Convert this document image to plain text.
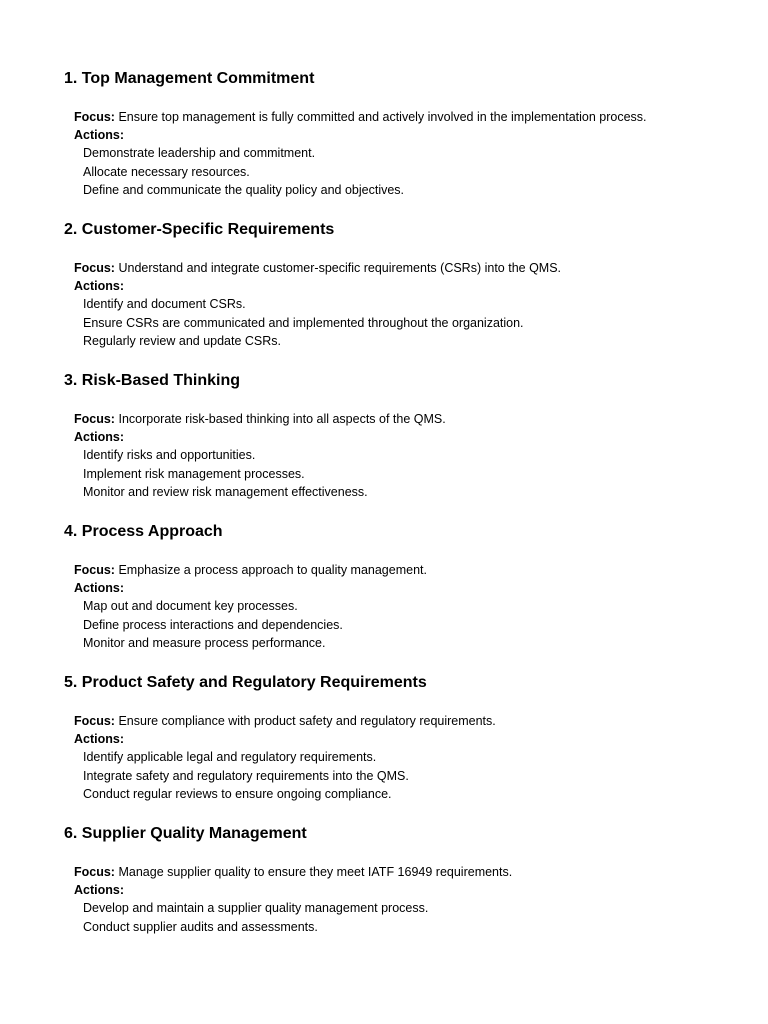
1. Top Management Commitment
Focus: Ensure top management is fully committed and actively involved in the implementation process.
Actions:
Demonstrate leadership and commitment.
Allocate necessary resources.
Define and communicate the quality policy and objectives.
2. Customer-Specific Requirements
Focus: Understand and integrate customer-specific requirements (CSRs) into the QMS.
Actions:
Identify and document CSRs.
Ensure CSRs are communicated and implemented throughout the organization.
Regularly review and update CSRs.
3. Risk-Based Thinking
Focus: Incorporate risk-based thinking into all aspects of the QMS.
Actions:
Identify risks and opportunities.
Implement risk management processes.
Monitor and review risk management effectiveness.
4. Process Approach
Focus: Emphasize a process approach to quality management.
Actions:
Map out and document key processes.
Define process interactions and dependencies.
Monitor and measure process performance.
5. Product Safety and Regulatory Requirements
Focus: Ensure compliance with product safety and regulatory requirements.
Actions:
Identify applicable legal and regulatory requirements.
Integrate safety and regulatory requirements into the QMS.
Conduct regular reviews to ensure ongoing compliance.
6. Supplier Quality Management
Focus: Manage supplier quality to ensure they meet IATF 16949 requirements.
Actions:
Develop and maintain a supplier quality management process.
Conduct supplier audits and assessments.
